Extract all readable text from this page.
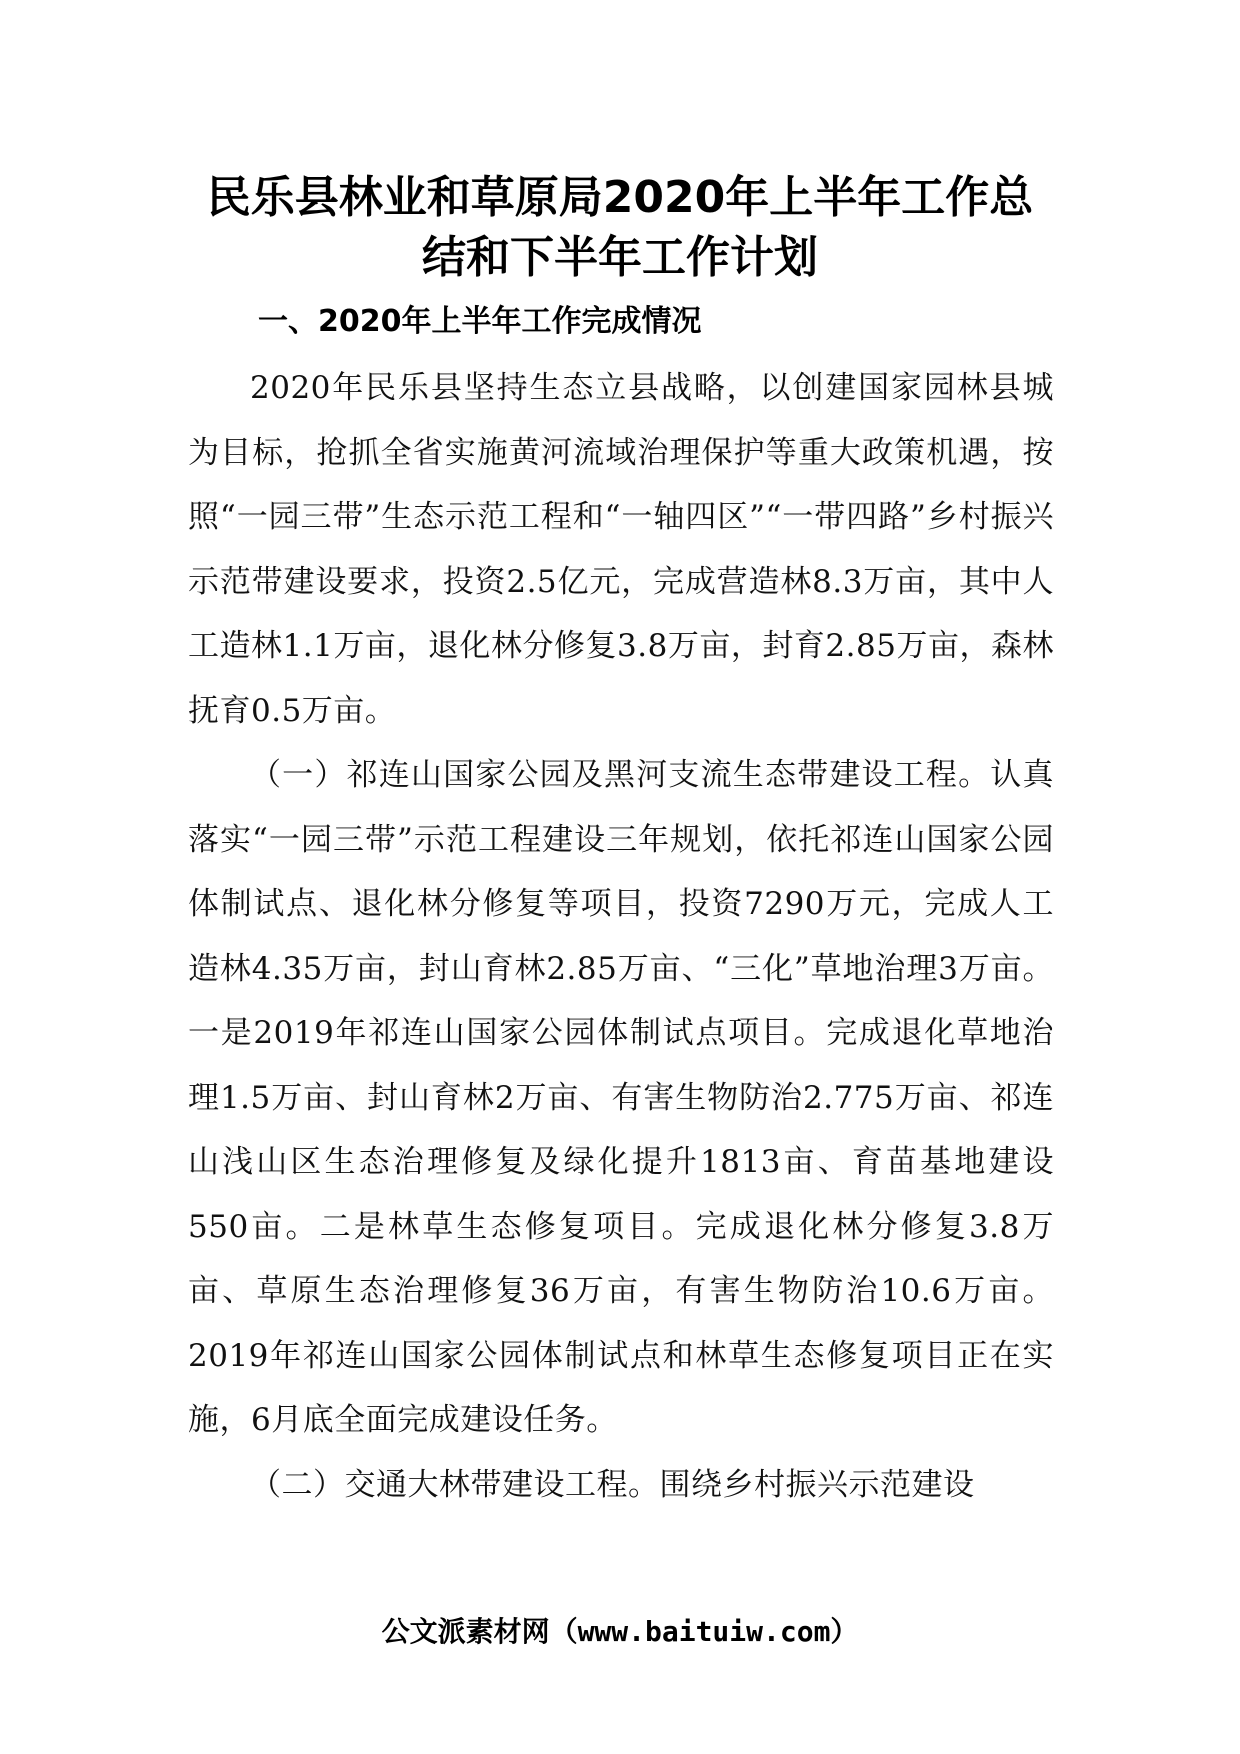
民乐县林业和草原局2020年上半年工作总
结和下半年工作计划
一、2020年上半年工作完成情况

2020年民乐县坚持生态立县战略，以创建国家园林县城为目标，抢抓全省实施黄河流域治理保护等重大政策机遇，按照“一园三带”生态示范工程和“一轴四区”“一带四路”乡村振兴示范带建设要求，投资2.5亿元，完成营造林8.3万亩，其中人工造林1.1万亩，退化林分修复3.8万亩，封育2.85万亩，森林抚育0.5万亩。

（一）祁连山国家公园及黑河支流生态带建设工程。认真落实“一园三带”示范工程建设三年规划，依托祁连山国家公园体制试点、退化林分修复等项目，投资7290万元，完成人工造林4.35万亩，封山育林2.85万亩、“三化”草地治理3万亩。一是2019年祁连山国家公园体制试点项目。完成退化草地治理1.5万亩、封山育林2万亩、有害生物防治2.775万亩、祁连山浅山区生态治理修复及绿化提升1813亩、育苗基地建设550亩。二是林草生态修复项目。完成退化林分修复3.8万亩、草原生态治理修复36万亩，有害生物防治10.6万亩。2019年祁连山国家公园体制试点和林草生态修复项目正在实施，6月底全面完成建设任务。

（二）交通大林带建设工程。围绕乡村振兴示范建设

公文派素材网（www.baituiw.com）
